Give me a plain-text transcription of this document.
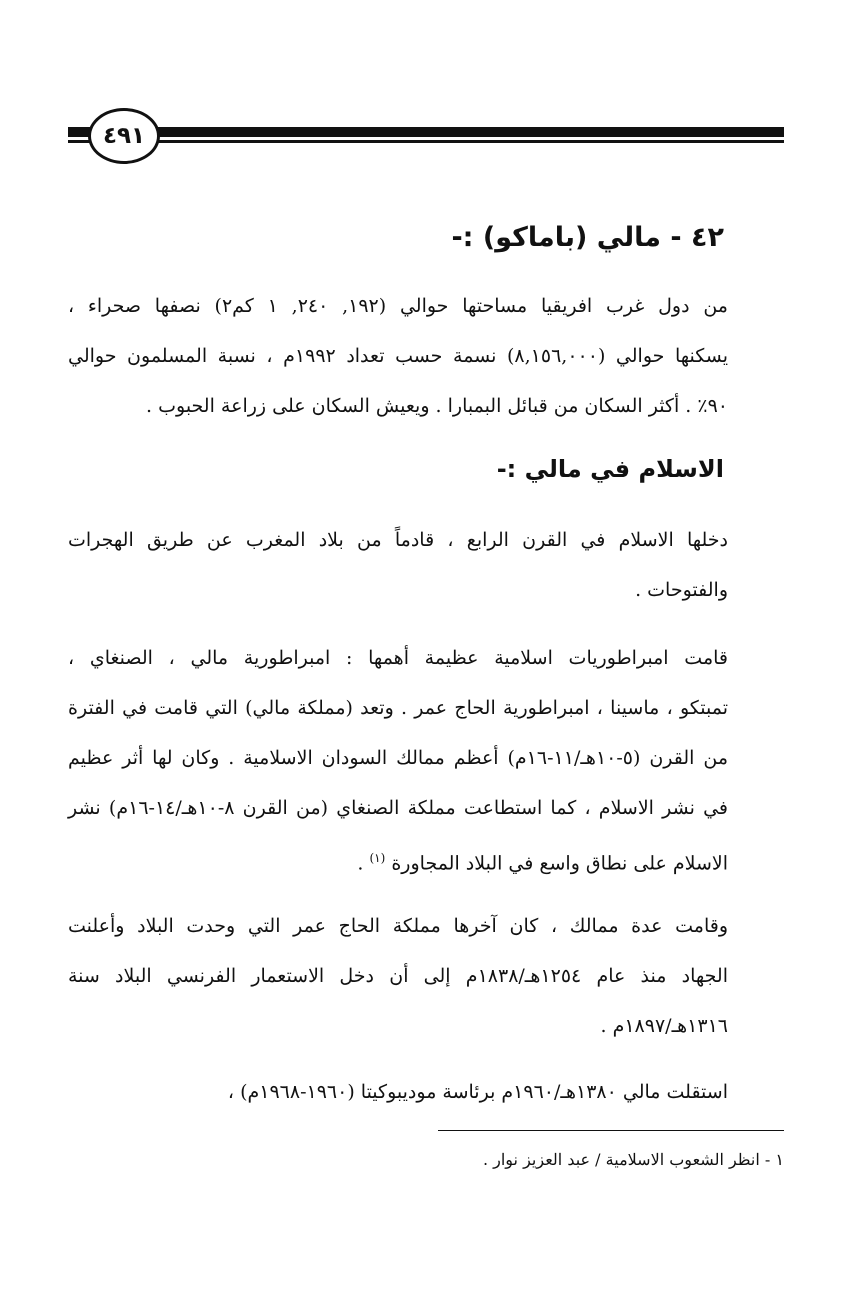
٤٩١
٤٢ - مالي (باماكو) :-
من دول غرب افريقيا مساحتها حوالي (١٩٢, ٢٤٠, ١ كم٢) نصفها صحراء ،
يسكنها حوالي (٨,١٥٦,٠٠٠) نسمة حسب تعداد ١٩٩٢م ، نسبة المسلمون حوالي
٩٠٪ . أكثر السكان من قبائل البمبارا . ويعيش السكان على زراعة الحبوب .
الاسلام في مالي :-
دخلها الاسلام في القرن الرابع ، قادماً من بلاد المغرب عن طريق الهجرات
والفتوحات .
قامت امبراطوريات اسلامية عظيمة أهمها : امبراطورية مالي ، الصنغاي ،
تمبتكو ، ماسينا ، امبراطورية الحاج عمر . وتعد (مملكة مالي) التي قامت في الفترة
من القرن (٥-١٠هـ/١١-١٦م) أعظم ممالك السودان الاسلامية . وكان لها أثر عظيم
في نشر الاسلام ، كما استطاعت مملكة الصنغاي (من القرن ٨-١٠هـ/١٤-١٦م) نشر
الاسلام على نطاق واسع في البلاد المجاورة $^{(١)}$ .
وقامت عدة ممالك ، كان آخرها مملكة الحاج عمر التي وحدت البلاد وأعلنت
الجهاد منذ عام ١٢٥٤هـ/١٨٣٨م إلى أن دخل الاستعمار الفرنسي البلاد سنة
١٣١٦هـ/١٨٩٧م .
استقلت مالي ١٣٨٠هـ/١٩٦٠م برئاسة موديبوكيتا (١٩٦٠-١٩٦٨م) ،
١ - انظر الشعوب الاسلامية / عبد العزيز نوار .
